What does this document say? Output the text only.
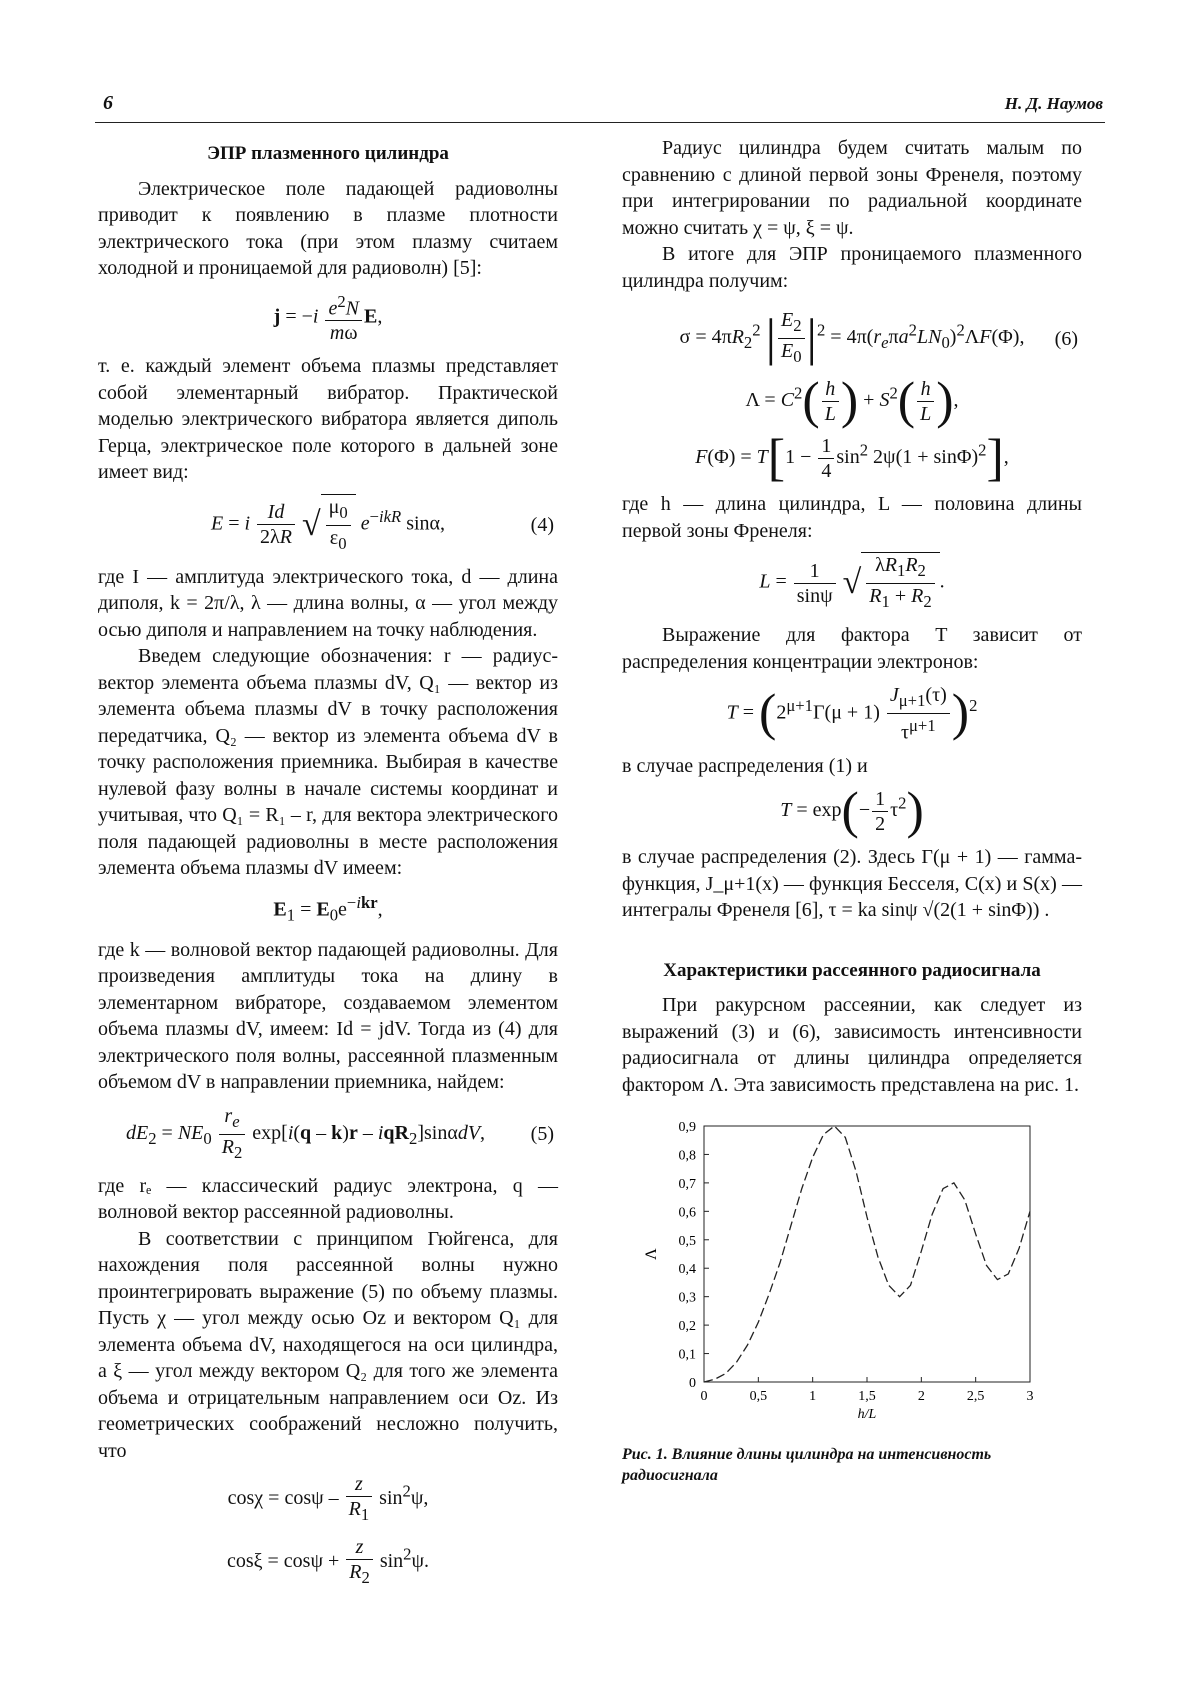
6	Н. Д. Наумов
ЭПР плазменного цилиндра

Электрическое поле падающей радиоволны приводит к появлению в плазме плотности электрического тока (при этом плазму считаем холодной и проницаемой для радиоволн) [5]:

$j = -i \frac{e^2N}{m\omega} E$,

т. е. каждый элемент объема плазмы представляет собой элементарный вибратор. Практической моделью электрического вибратора является диполь Герца, электрическое поле которого в дальней зоне имеет вид:

E = i $\frac{Id}{2\lambda R}$ √ $\frac{\mu_0}{\varepsilon_0} e^{-ikR}$ sinα,	(4)

где I — амплитуда электрического тока, d — длина диполя, k = 2π/λ, λ — длина волны, α — угол между осью диполя и направлением на точку наблюдения.

Введем следующие обозначения: r — радиус-вектор элемента объема плазмы dV, Q₁ — вектор из элемента объема плазмы dV в точку расположения передатчика, Q₂ — вектор из элемента объема dV в точку расположения приемника. Выбирая в качестве нулевой фазу волны в начале системы координат и учитывая, что Q₁ = R₁ – r, для вектора электрического поля падающей радиоволны в месте расположения элемента объема плазмы dV имеем:

$E_1 = E_0e^{-ikr}$,

где k — волновой вектор падающей радиоволны. Для произведения амплитуды тока на длину в элементарном вибраторе, создаваемом элементом объема плазмы dV, имеем: Id = jdV. Тогда из (4) для электрического поля волны, рассеянной плазменным объемом dV в направлении приемника, найдем:

$dE_2 = NE_0 \frac{r_e}{R_2} \exp[i(q - k)r - iqR_2]\sin\alpha dV$, (5)

где rₑ — классический радиус электрона, q — волновой вектор рассеянной радиоволны.

В соответствии с принципом Гюйгенса, для нахождения поля рассеянной волны нужно проинтегрировать выражение (5) по объему плазмы. Пусть χ — угол между осью Oz и вектором Q₁ для элемента объема dV, находящегося на оси цилиндра, а ξ — угол между вектором Q₂ для того же элемента объема и отрицательным направлением оси Oz. Из геометрических соображений несложно получить, что

$\cos\chi = \cos\psi - \frac{z}{R_1} \sin^2\psi$,
$\cos\xi = \cos\psi + \frac{z}{R_2} \sin^2\psi$.

Радиус цилиндра будем считать малым по сравнению с длиной первой зоны Френеля, поэтому при интегрировании по радиальной координате можно считать χ = ψ, ξ = ψ.

В итоге для ЭПР проницаемого плазменного цилиндра получим:

$\sigma = 4\pi R_2^2$ | $\frac{E_2}{E_0} |^2 = 4\pi(r_e\pi a^2LN_0)^2\Lambda F(\Phi)$, (6)
$\Lambda = C^2( \frac{h}{L}$ ) + $S^2( \frac{h}{L}$ ),
$F(\Phi) = T[1 - \frac{1}{4} \sin^2 2\psi(1 + \sin\Phi)^2]$,

где h — длина цилиндра, L — половина длины первой зоны Френеля:

$L = \frac{1}{\sin\psi}$ √ $\frac{\lambda R_1R_2}{R_1 + R_2}$ .

Выражение для фактора T зависит от распределения концентрации электронов:

$T = (2^{\mu+1}\Gamma(\mu + 1) \frac{J_{\mu+1}(\tau)}{\tau^{\mu+1}} )^2$

в случае распределения (1) и

$T = \exp(- \frac{1}{2} \tau^2)$

в случае распределения (2). Здесь Γ(μ + 1) — гамма-функция, J_μ+1(x) — функция Бесселя, C(x) и S(x) — интегралы Френеля [6], τ = ka sinψ √(2(1 + sinΦ)) .

Характеристики рассеянного радиосигнала

При ракурсном рассеянии, как следует из выражений (3) и (6), зависимость интенсивности радиосигнала от длины цилиндра определяется фактором Λ. Эта зависимость представлена на рис. 1.

0
0,1
0,2
0,3
0,4
0,5
0,6
0,7
0,8
0,9
0	0,5	1	1,5	2	2,5	3
h/L
Λ
Рис. 1. Влияние длины цилиндра на интенсивность радиосигнала
